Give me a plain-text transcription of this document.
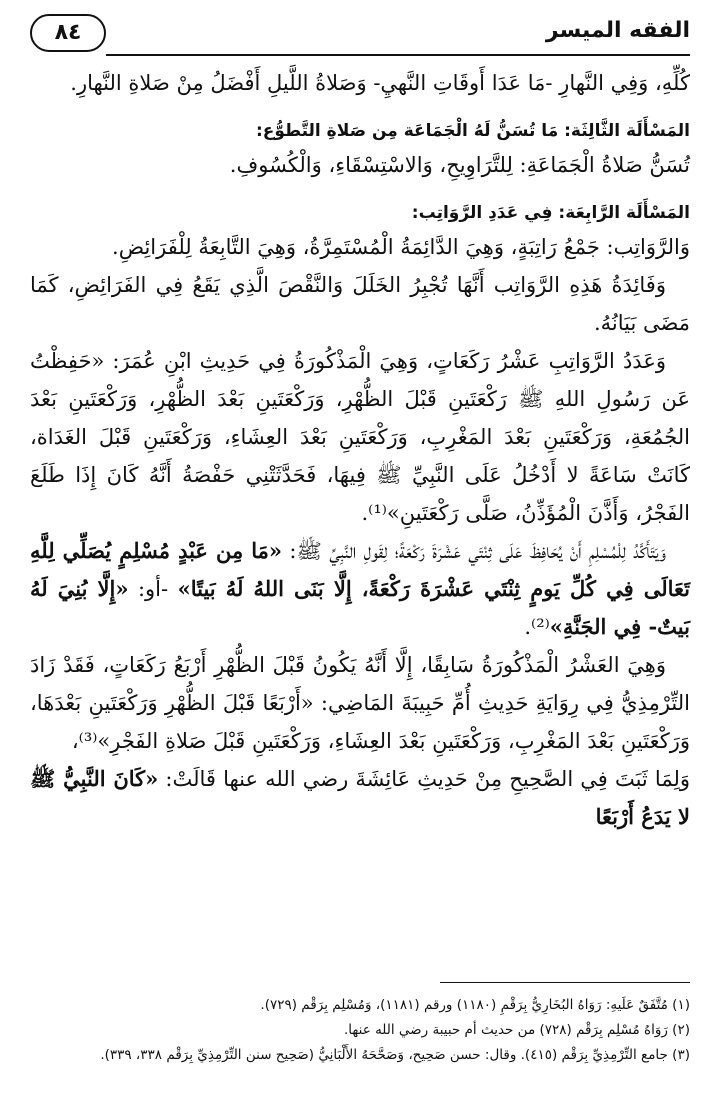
الفقه الميسر
٨٤

كُلِّهِ، وَفِي النَّهارِ -مَا عَدَا أَوقَاتِ النَّهيِ- وَصَلاةُ اللَّيلِ أَفْضَلُ مِنْ صَلاةِ النَّهارِ.

المَسْأَلَة الثَّالِثَة: مَا تُسَنُّ لَهُ الْجَمَاعَة مِن صَلاةِ التَّطوُّع:

تُسَنُّ صَلاةُ الْجَمَاعَةِ: لِلتَّرَاوِيحِ، وَالاسْتِسْقَاءِ، وَالْكُسُوفِ.

المَسْأَلَة الرَّابِعَة: فِي عَدَدِ الرَّوَاتِب:

وَالرَّوَاتِب: جَمْعُ رَاتِبَةٍ، وَهِيَ الدَّائِمَةُ الْمُسْتَمِرَّةُ، وَهِيَ التَّابِعَةُ لِلْفَرَائِضِ.

وَفَائِدَةُ هَذِهِ الرَّوَاتِب أَنَّهَا تُجْبِرُ الخَلَلَ وَالنَّقْصَ الَّذِي يَقَعُ فِي الفَرَائِضِ، كَمَا مَضَى بَيَانُهُ.

وَعَدَدُ الرَّوَاتِبِ عَشْرُ رَكَعَاتٍ، وَهِيَ الْمَذْكُورَةُ فِي حَدِيثِ ابْنِ عُمَرَ: «حَفِظْتُ عَن رَسُولِ اللهِ ﷺ رَكْعَتَينِ قَبْلَ الظُّهْرِ، وَرَكْعَتَينِ بَعْدَ الظُّهْرِ، وَرَكْعَتَينِ بَعْدَ الجُمُعَةِ، وَرَكْعَتَينِ بَعْدَ المَغْرِبِ، وَرَكْعَتَينِ بَعْدَ العِشَاءِ، وَرَكْعَتَينِ قَبْلَ الغَدَاة، كَانَتْ سَاعَةً لا أَدْخُلُ عَلَى النَّبِيِّ ﷺ فِيهَا، فَحَدَّثَتْنِي حَفْصَةُ أَنَّهُ كَانَ إِذَا طَلَعَ الفَجْرُ، وَأَذَّنَ الْمُؤَذِّنُ، صَلَّى رَكْعَتَينِ»⁽¹⁾.

وَيَتَأَكَّدُ لِلْمُسْلِمِ أَنْ يُحَافِظَ عَلَى ثِنْتَي عَشْرَةَ رَكْعَةً؛ لِقَولِ النَّبِيِّ ﷺ: «مَا مِن عَبْدٍ مُسْلِمٍ يُصَلِّي لِلَّهِ تَعَالَى فِي كُلِّ يَومٍ ثِنْتَي عَشْرَةَ رَكْعَةً، إِلَّا بَنَى اللهُ لَهُ بَيتًا» -أو: «إِلَّا بُنِيَ لَهُ بَيتٌ- فِي الجَنَّةِ»⁽²⁾.

وَهِيَ العَشْرُ الْمَذْكُورَةُ سَابِقًا، إِلَّا أَنَّهُ يَكُونُ قَبْلَ الظُّهْرِ أَرْبَعُ رَكَعَاتٍ، فَقَدْ زَادَ التِّرْمِذِيُّ فِي رِوَايَةِ حَدِيثِ أُمِّ حَبِيبَةَ المَاضِي: «أَرْبَعًا قَبْلَ الظُّهْرِ وَرَكْعَتَينِ بَعْدَهَا، وَرَكْعَتَينِ بَعْدَ المَغْرِبِ، وَرَكْعَتَينِ بَعْدَ العِشَاءِ، وَرَكْعَتَينِ قَبْلَ صَلاةِ الفَجْرِ»⁽³⁾،

وَلِمَا ثَبَتَ فِي الصَّحِيحِ مِنْ حَدِيثِ عَائِشَةَ رضي الله عنها قَالَتْ: «كَانَ النَّبِيُّ ﷺ لا يَدَعُ أَرْبَعًا

(١) مُتَّفَقٌ عَلَيهِ: رَوَاهُ البُخَارِيُّ بِرَقْمِ (١١٨٠) ورقم (١١٨١)، وَمُسْلِم بِرَقْم (٧٢٩).

(٢) رَوَاهُ مُسْلِم بِرَقْم (٧٢٨) من حديث أم حبيبة رضي الله عنها.

(٣) جامع التِّرْمِذِيِّ بِرَقْم (٤١٥). وقال: حسن صَحِيح، وَصَحَّحَهُ الأَلْبَانِيُّ (صَحِيح سنن التِّرْمِذِيِّ بِرَقْم ٣٣٨، ٣٣٩).
